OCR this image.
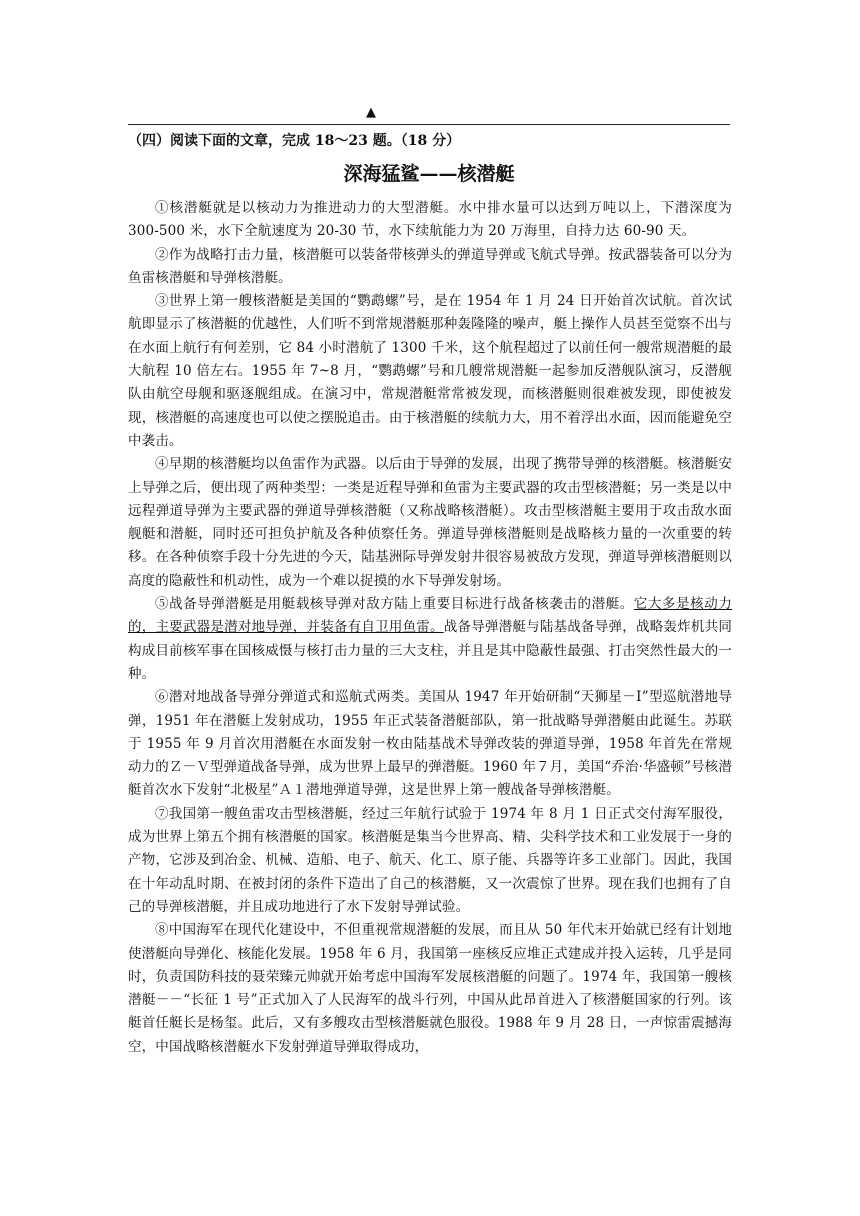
▲
（四）阅读下面的文章，完成 18～23 题。（18 分）
深海猛鲨——核潜艇

①核潜艇就是以核动力为推进动力的大型潜艇。水中排水量可以达到万吨以上，下潜深度为 300-500 米，水下全航速度为 20-30 节，水下续航能力为 20 万海里，自持力达 60-90 天。

②作为战略打击力量，核潜艇可以装备带核弹头的弹道导弹或飞航式导弹。按武器装备可以分为鱼雷核潜艇和导弹核潜艇。

③世界上第一艘核潜艇是美国的“鹦鹉螺”号，是在 1954 年 1 月 24 日开始首次试航。首次试航即显示了核潜艇的优越性，人们听不到常规潜艇那种轰隆隆的噪声，艇上操作人员甚至觉察不出与在水面上航行有何差别，它 84 小时潜航了 1300 千米，这个航程超过了以前任何一艘常规潜艇的最大航程 10 倍左右。1955 年 7~8 月，“鹦鹉螺”号和几艘常规潜艇一起参加反潜舰队演习，反潜舰队由航空母舰和驱逐舰组成。在演习中，常规潜艇常常被发现，而核潜艇则很难被发现，即使被发现，核潜艇的高速度也可以使之摆脱追击。由于核潜艇的续航力大，用不着浮出水面，因而能避免空中袭击。

④早期的核潜艇均以鱼雷作为武器。以后由于导弹的发展，出现了携带导弹的核潜艇。核潜艇安上导弹之后，便出现了两种类型：一类是近程导弹和鱼雷为主要武器的攻击型核潜艇；另一类是以中远程弹道导弹为主要武器的弹道导弹核潜艇（又称战略核潜艇）。攻击型核潜艇主要用于攻击敌水面舰艇和潜艇，同时还可担负护航及各种侦察任务。弹道导弹核潜艇则是战略核力量的一次重要的转移。在各种侦察手段十分先进的今天，陆基洲际导弹发射井很容易被敌方发现，弹道导弹核潜艇则以高度的隐蔽性和机动性，成为一个难以捉摸的水下导弹发射场。

⑤战备导弹潜艇是用艇载核导弹对敌方陆上重要目标进行战备核袭击的潜艇。它大多是核动力的，主要武器是潜对地导弹，并装备有自卫用鱼雷。战备导弹潜艇与陆基战备导弹，战略轰炸机共同构成目前核军事在国核威慑与核打击力量的三大支柱，并且是其中隐蔽性最强、打击突然性最大的一种。

⑥潜对地战备导弹分弹道式和巡航式两类。美国从 1947 年开始研制“天狮星－Ⅰ”型巡航潜地导弹，1951 年在潜艇上发射成功，1955 年正式装备潜艇部队，第一批战略导弹潜艇由此诞生。苏联于 1955 年 9 月首次用潜艇在水面发射一枚由陆基战术导弹改装的弹道导弹，1958 年首先在常规动力的Ｚ－Ｖ型弹道战备导弹，成为世界上最早的弹潜艇。1960 年７月，美国“乔治·华盛顿”号核潜艇首次水下发射“北极星”Ａ１潜地弹道导弹，这是世界上第一艘战备导弹核潜艇。

⑦我国第一艘鱼雷攻击型核潜艇，经过三年航行试验于 1974 年 8 月 1 日正式交付海军服役，成为世界上第五个拥有核潜艇的国家。核潜艇是集当今世界高、精、尖科学技术和工业发展于一身的产物，它涉及到冶金、机械、造船、电子、航天、化工、原子能、兵器等许多工业部门。因此，我国在十年动乱时期、在被封闭的条件下造出了自己的核潜艇，又一次震惊了世界。现在我们也拥有了自己的导弹核潜艇，并且成功地进行了水下发射导弹试验。

⑧中国海军在现代化建设中，不但重视常规潜艇的发展，而且从 50 年代末开始就已经有计划地使潜艇向导弹化、核能化发展。1958 年 6 月，我国第一座核反应堆正式建成并投入运转，几乎是同时，负责国防科技的聂荣臻元帅就开始考虑中国海军发展核潜艇的问题了。1974 年，我国第一艘核潜艇－－“长征 1 号”正式加入了人民海军的战斗行列，中国从此昂首进入了核潜艇国家的行列。该艇首任艇长是杨玺。此后，又有多艘攻击型核潜艇就色服役。1988 年 9 月 28 日，一声惊雷震撼海空，中国战略核潜艇水下发射弹道导弹取得成功，
